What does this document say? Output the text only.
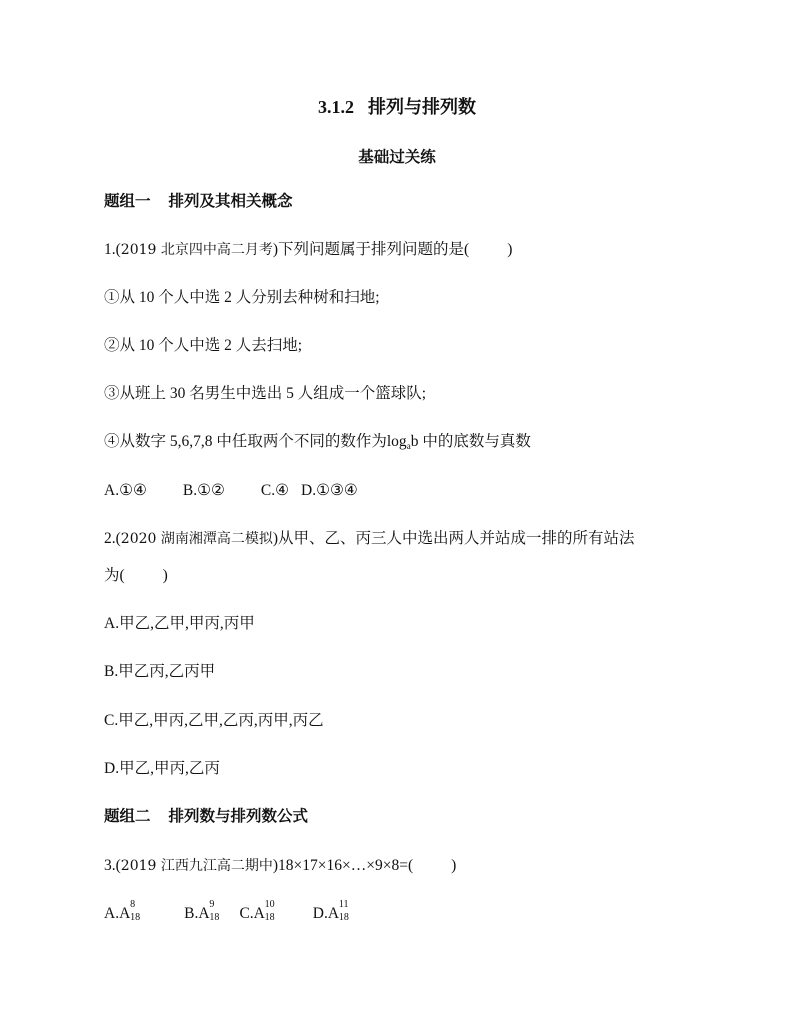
3.1.2 排列与排列数
基础过关练
题组一 排列及其相关概念
1.(2019 北京四中高二月考)下列问题属于排列问题的是( )
①从 10 个人中选 2 人分别去种树和扫地;
②从 10 个人中选 2 人去扫地;
③从班上 30 名男生中选出 5 人组成一个篮球队;
④从数字 5,6,7,8 中任取两个不同的数作为logab 中的底数与真数
A.①④ B.①② C.④ D.①③④
2.(2020 湖南湘潭高二模拟)从甲、乙、丙三人中选出两人并站成一排的所有站法
为( )
A.甲乙,乙甲,甲丙,丙甲
B.甲乙丙,乙丙甲
C.甲乙,甲丙,乙甲,乙丙,丙甲,丙乙
D.甲乙,甲丙,乙丙
题组二 排列数与排列数公式
3.(2019 江西九江高二期中)18×17×16×…×9×8=( )
A.A
8
18	B.A
9
18 C.A
10
18 D.A
11
18
